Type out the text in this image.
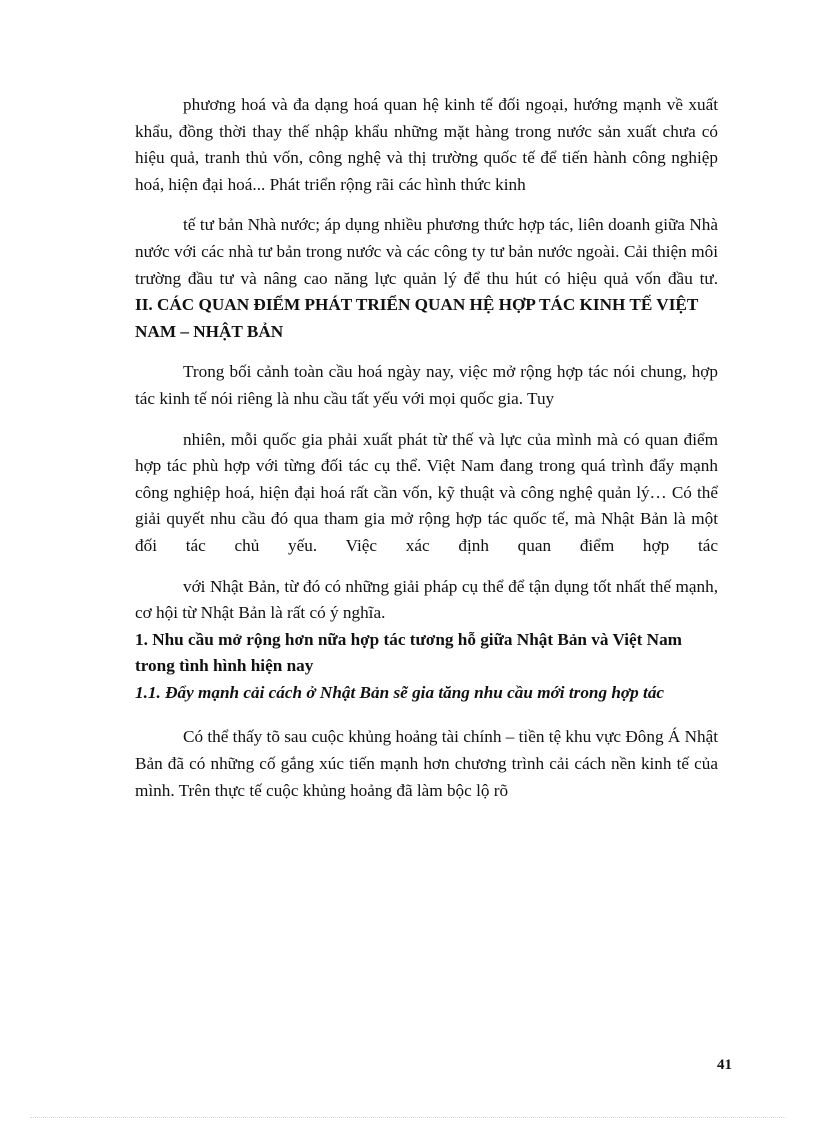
phương hoá và đa dạng hoá quan hệ kinh tế đối ngoại, hướng mạnh về xuất khẩu, đồng thời thay thế nhập khẩu những mặt hàng trong nước sản xuất chưa có hiệu quả, tranh thủ vốn, công nghệ và thị trường quốc tế để tiến hành công nghiệp hoá, hiện đại hoá... Phát triển rộng rãi các hình thức kinh

tế tư bản Nhà nước; áp dụng nhiều phương thức hợp tác, liên doanh giữa Nhà nước với các nhà tư bản trong nước và các công ty tư bản nước ngoài. Cải thiện môi trường đầu tư và nâng cao năng lực quản lý để thu hút có hiệu quả vốn đầu tư.

II. CÁC QUAN ĐIỂM PHÁT TRIỂN QUAN HỆ HỢP TÁC KINH TẾ VIỆT NAM – NHẬT BẢN

Trong bối cảnh toàn cầu hoá ngày nay, việc mở rộng hợp tác nói chung, hợp tác kinh tế nói riêng là nhu cầu tất yếu với mọi quốc gia. Tuy

nhiên, mỗi quốc gia phải xuất phát từ thế và lực của mình mà có quan điểm hợp tác phù hợp với từng đối tác cụ thể. Việt Nam đang trong quá trình đẩy mạnh công nghiệp hoá, hiện đại hoá rất cần vốn, kỹ thuật và công nghệ quản lý… Có thể giải quyết nhu cầu đó qua tham gia mở rộng hợp tác quốc tế, mà Nhật Bản là một đối tác chủ yếu. Việc xác định quan điểm hợp tác

với Nhật Bản, từ đó có những giải pháp cụ thể để tận dụng tốt nhất thế mạnh, cơ hội từ Nhật Bản là rất có ý nghĩa.

1. Nhu cầu mở rộng hơn nữa hợp tác tương hỗ giữa Nhật Bản và Việt Nam trong tình hình hiện nay
1.1. Đẩy mạnh cải cách ở Nhật Bản sẽ gia tăng nhu cầu mới trong hợp tác

Có thể thấy tõ sau cuộc khủng hoảng tài chính – tiền tệ khu vực Đông Á Nhật Bản đã có những cố gắng xúc tiến mạnh hơn chương trình cải cách nền kinh tế của mình. Trên thực tế cuộc khủng hoảng đã làm bộc lộ rõ

41
